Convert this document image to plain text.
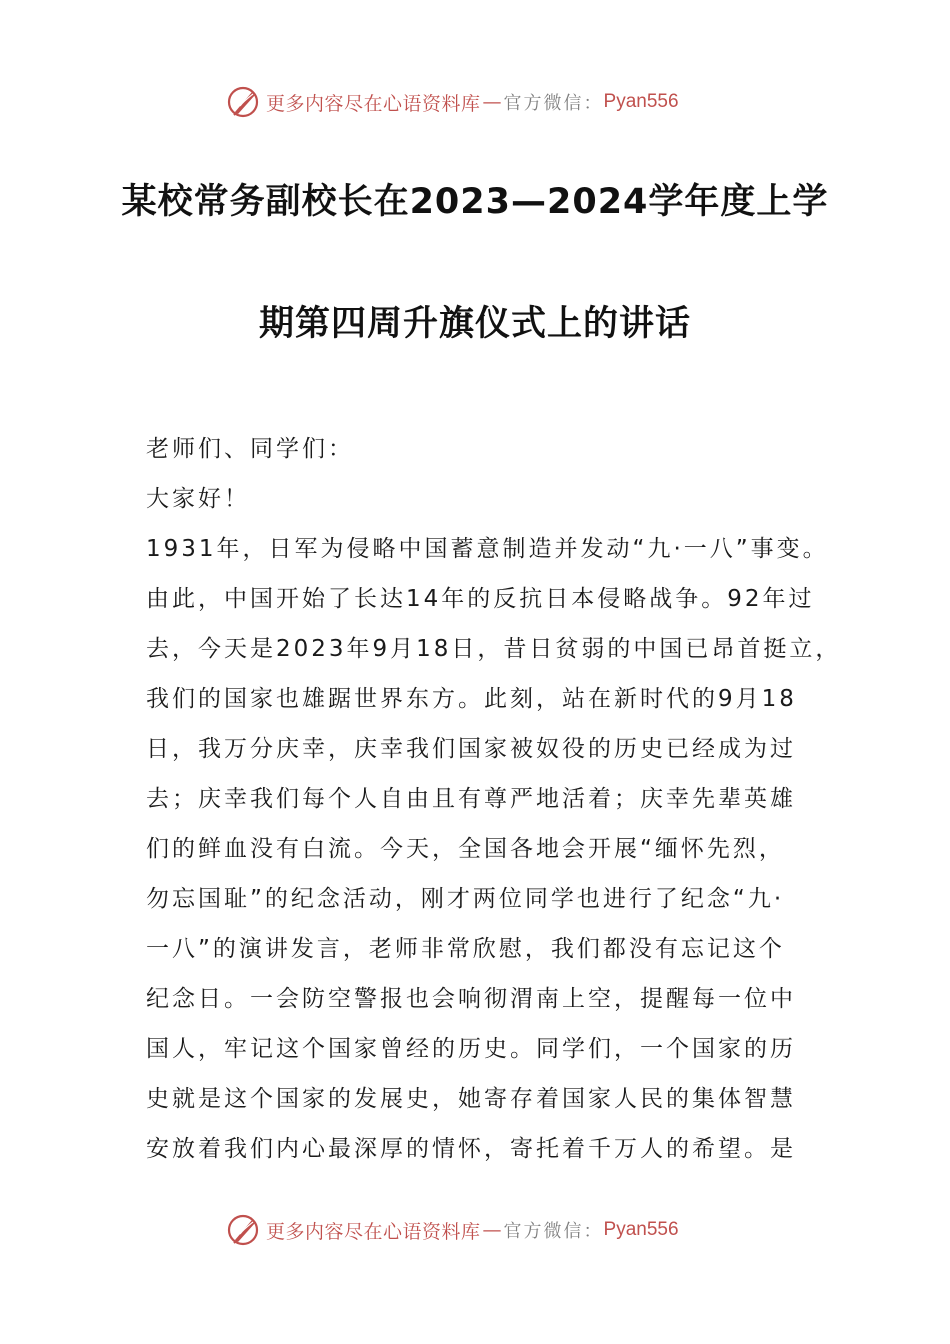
更多内容尽在心语资料库 — 官方微信： Pyan556
某校常务副校长在2023—2024学年度上学
期第四周升旗仪式上的讲话
老师们、同学们：
大家好！
1931年，日军为侵略中国蓄意制造并发动“九·一八”事变。
由此，中国开始了长达14年的反抗日本侵略战争。92年过
去，今天是2023年9月18日，昔日贫弱的中国已昂首挺立，
我们的国家也雄踞世界东方。此刻，站在新时代的9月18
日，我万分庆幸，庆幸我们国家被奴役的历史已经成为过
去；庆幸我们每个人自由且有尊严地活着；庆幸先辈英雄
们的鲜血没有白流。今天，全国各地会开展“缅怀先烈，
勿忘国耻”的纪念活动，刚才两位同学也进行了纪念“九·
一八”的演讲发言，老师非常欣慰，我们都没有忘记这个
纪念日。一会防空警报也会响彻渭南上空，提醒每一位中
国人，牢记这个国家曾经的历史。同学们，一个国家的历
史就是这个国家的发展史，她寄存着国家人民的集体智慧
安放着我们内心最深厚的情怀，寄托着千万人的希望。是
更多内容尽在心语资料库 — 官方微信： Pyan556
